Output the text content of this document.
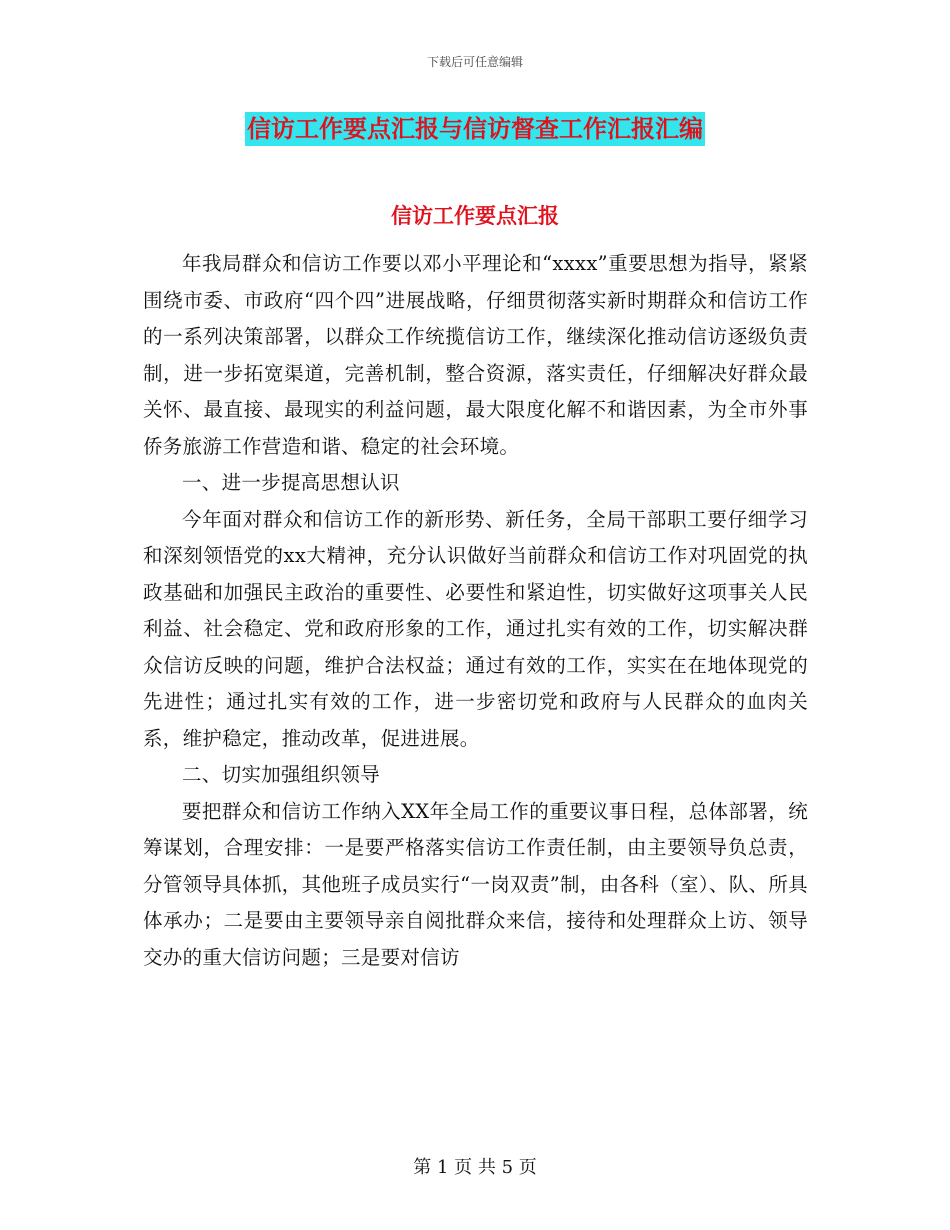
下载后可任意编辑
信访工作要点汇报与信访督查工作汇报汇编
信访工作要点汇报

年我局群众和信访工作要以邓小平理论和“xxxx”重要思想为指导，紧紧围绕市委、市政府“四个四”进展战略，仔细贯彻落实新时期群众和信访工作的一系列决策部署，以群众工作统揽信访工作，继续深化推动信访逐级负责制，进一步拓宽渠道，完善机制，整合资源，落实责任，仔细解决好群众最关怀、最直接、最现实的利益问题，最大限度化解不和谐因素，为全市外事侨务旅游工作营造和谐、稳定的社会环境。

一、进一步提高思想认识

今年面对群众和信访工作的新形势、新任务，全局干部职工要仔细学习和深刻领悟党的xx大精神，充分认识做好当前群众和信访工作对巩固党的执政基础和加强民主政治的重要性、必要性和紧迫性，切实做好这项事关人民利益、社会稳定、党和政府形象的工作，通过扎实有效的工作，切实解决群众信访反映的问题，维护合法权益；通过有效的工作，实实在在地体现党的先进性；通过扎实有效的工作，进一步密切党和政府与人民群众的血肉关系，维护稳定，推动改革，促进进展。

二、切实加强组织领导

要把群众和信访工作纳入XX年全局工作的重要议事日程，总体部署，统筹谋划，合理安排：一是要严格落实信访工作责任制，由主要领导负总责，分管领导具体抓，其他班子成员实行“一岗双责”制，由各科（室）、队、所具体承办；二是要由主要领导亲自阅批群众来信，接待和处理群众上访、领导交办的重大信访问题；三是要对信访

第 1 页 共 5 页
